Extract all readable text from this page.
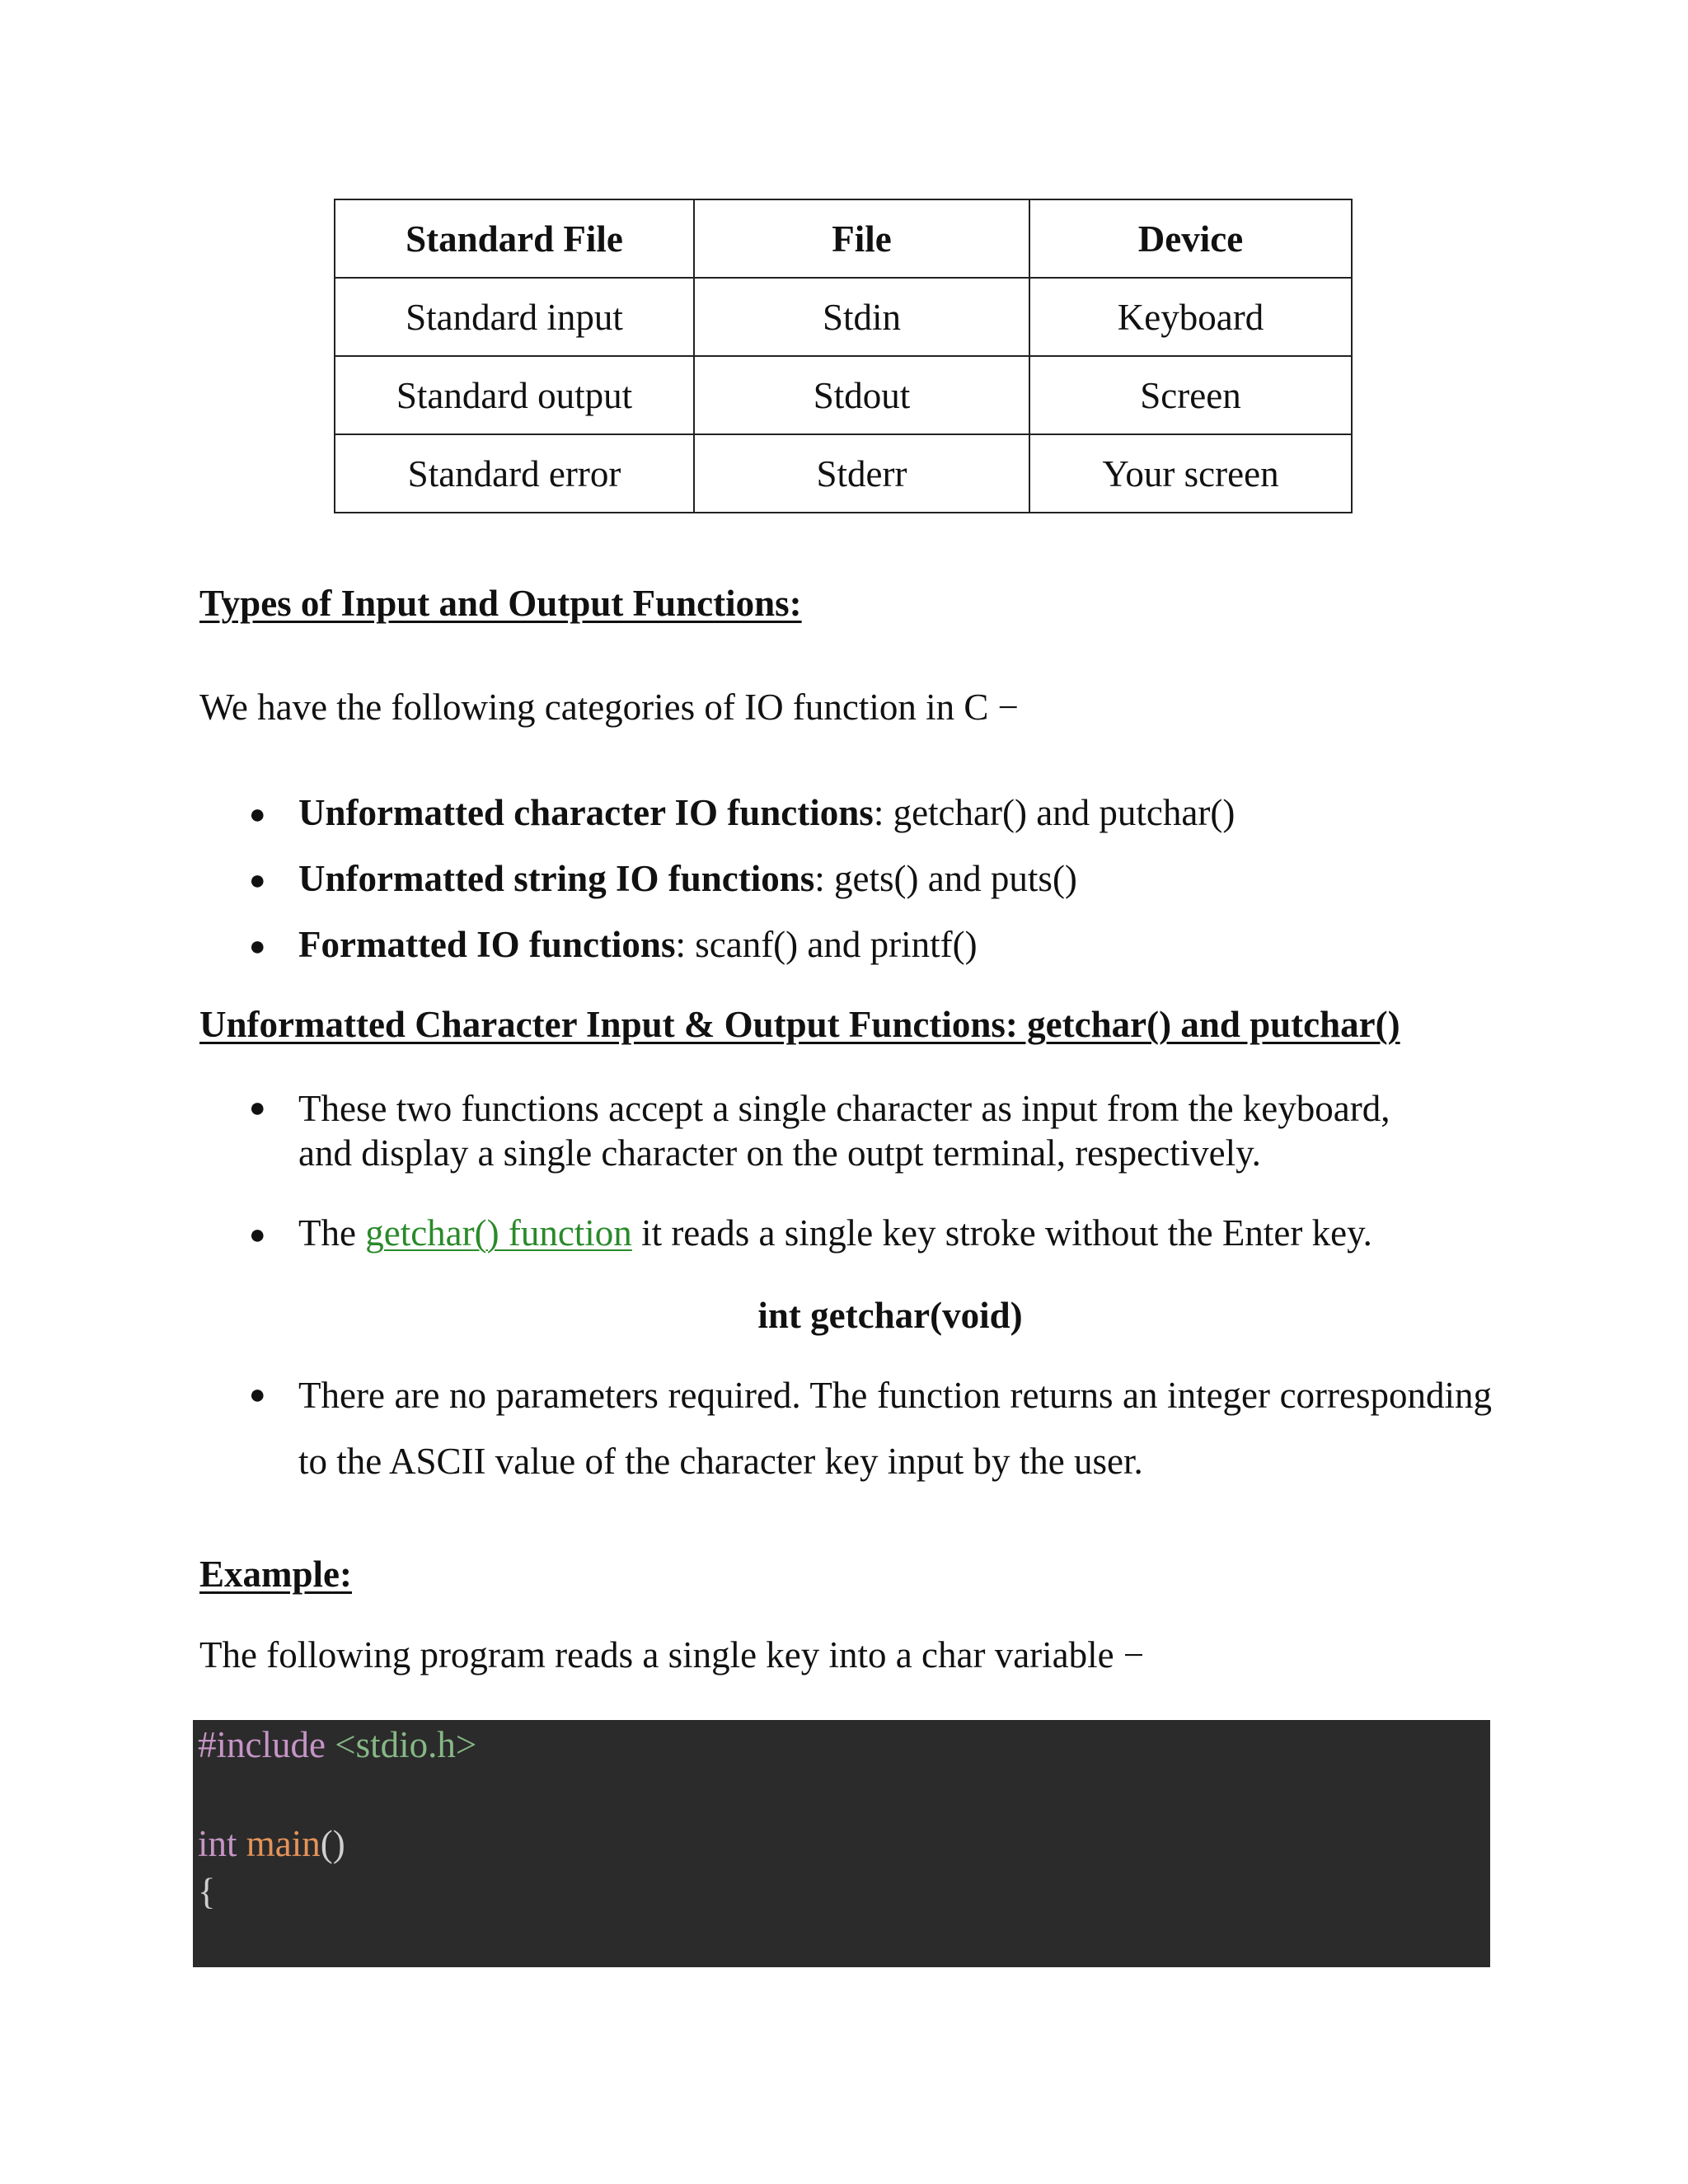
Standard File	File	Device
Standard input	Stdin	Keyboard
Standard output	Stdout	Screen
Standard error	Stderr	Your screen
Types of Input and Output Functions:
We have the following categories of IO function in C −
● Unformatted character IO functions: getchar() and putchar()
● Unformatted string IO functions: gets() and puts()
● Formatted IO functions: scanf() and printf()
Unformatted Character Input & Output Functions: getchar() and putchar()
● These two functions accept a single character as input from the keyboard,
and display a single character on the outpt terminal, respectively.
● The getchar() function it reads a single key stroke without the Enter key.
int getchar(void)
● There are no parameters required. The function returns an integer corresponding to the ASCII value of the character key input by the user.
Example:
The following program reads a single key into a char variable −
#include <stdio.h>
int main()
{
